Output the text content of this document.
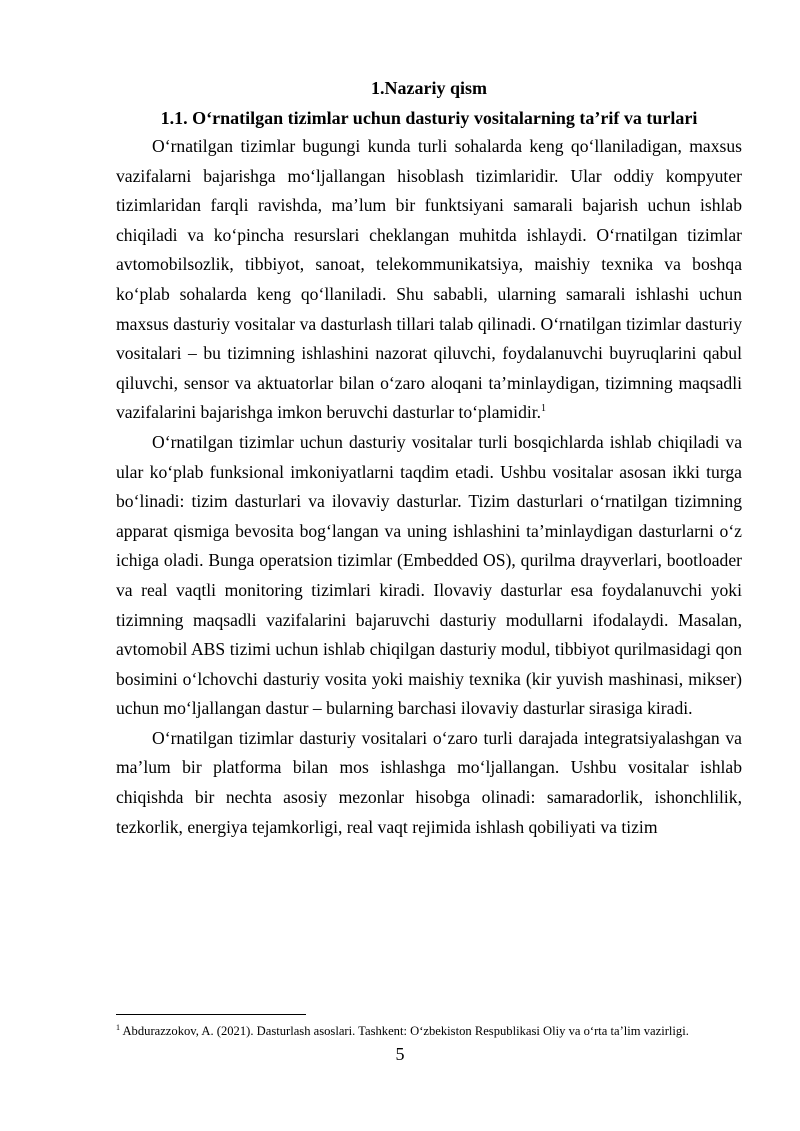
1.Nazariy qism

1.1. O‘rnatilgan tizimlar uchun dasturiy vositalarning ta’rif va turlari

O‘rnatilgan tizimlar bugungi kunda turli sohalarda keng qo‘llaniladigan, maxsus vazifalarni bajarishga mo‘ljallangan hisoblash tizimlaridir. Ular oddiy kompyuter tizimlaridan farqli ravishda, ma’lum bir funktsiyani samarali bajarish uchun ishlab chiqiladi va ko‘pincha resurslari cheklangan muhitda ishlaydi. O‘rnatilgan tizimlar avtomobilsozlik, tibbiyot, sanoat, telekommunikatsiya, maishiy texnika va boshqa ko‘plab sohalarda keng qo‘llaniladi. Shu sababli, ularning samarali ishlashi uchun maxsus dasturiy vositalar va dasturlash tillari talab qilinadi. O‘rnatilgan tizimlar dasturiy vositalari – bu tizimning ishlashini nazorat qiluvchi, foydalanuvchi buyruqlarini qabul qiluvchi, sensor va aktuatorlar bilan o‘zaro aloqani ta’minlaydigan, tizimning maqsadli vazifalarini bajarishga imkon beruvchi dasturlar to‘plamidir.$^1$

O‘rnatilgan tizimlar uchun dasturiy vositalar turli bosqichlarda ishlab chiqiladi va ular ko‘plab funksional imkoniyatlarni taqdim etadi. Ushbu vositalar asosan ikki turga bo‘linadi: tizim dasturlari va ilovaviy dasturlar. Tizim dasturlari o‘rnatilgan tizimning apparat qismiga bevosita bog‘langan va uning ishlashini ta’minlaydigan dasturlarni o‘z ichiga oladi. Bunga operatsion tizimlar (Embedded OS), qurilma drayverlari, bootloader va real vaqtli monitoring tizimlari kiradi. Ilovaviy dasturlar esa foydalanuvchi yoki tizimning maqsadli vazifalarini bajaruvchi dasturiy modullarni ifodalaydi. Masalan, avtomobil ABS tizimi uchun ishlab chiqilgan dasturiy modul, tibbiyot qurilmasidagi qon bosimini o‘lchovchi dasturiy vosita yoki maishiy texnika (kir yuvish mashinasi, mikser) uchun mo‘ljallangan dastur – bularning barchasi ilovaviy dasturlar sirasiga kiradi.

O‘rnatilgan tizimlar dasturiy vositalari o‘zaro turli darajada integratsiyalashgan va ma’lum bir platforma bilan mos ishlashga mo‘ljallangan. Ushbu vositalar ishlab chiqishda bir nechta asosiy mezonlar hisobga olinadi: samaradorlik, ishonchlilik, tezkorlik, energiya tejamkorligi, real vaqt rejimida ishlash qobiliyati va tizim

$^1$ Abdurazzokov, A. (2021). Dasturlash asoslari. Tashkent: O‘zbekiston Respublikasi Oliy va o‘rta ta’lim vazirligi.
5
